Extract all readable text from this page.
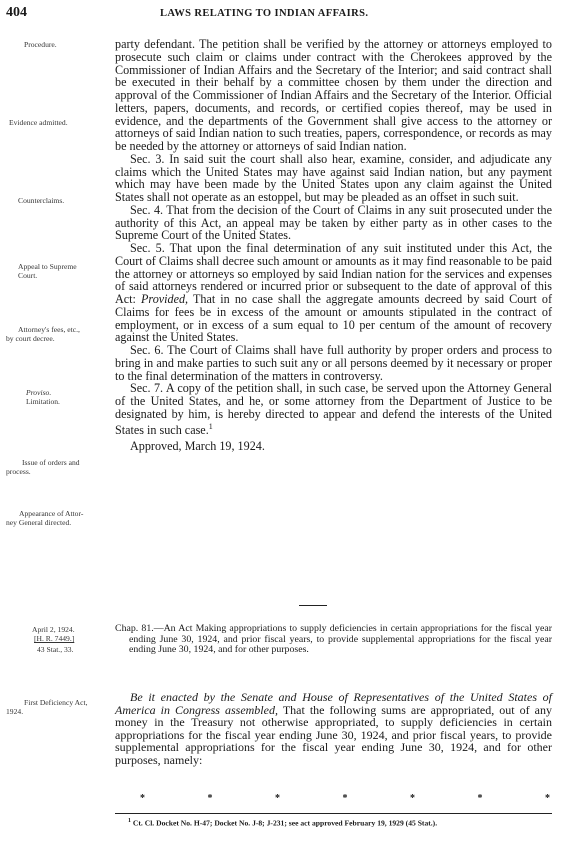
404	LAWS RELATING TO INDIAN AFFAIRS.
Procedure.
Evidence admitted.
Counterclaims.
Appeal to Supreme
Court.
Attorney's fees, etc.,
by court decree.
Proviso.
Limitation.
Issue of orders and
process.
Appearance of Attor-
ney General directed.
April 2, 1924.
[H. R. 7449.]
43 Stat., 33.
First Deficiency Act,
1924.

party defendant. The petition shall be verified by the attorney or attorneys employed to prosecute such claim or claims under contract with the Cherokees approved by the Commissioner of Indian Affairs and the Secretary of the Interior; and said contract shall be executed in their behalf by a committee chosen by them under the direction and approval of the Commissioner of Indian Affairs and the Secretary of the Interior. Official letters, papers, documents, and records, or certified copies thereof, may be used in evidence, and the departments of the Government shall give access to the attorney or attorneys of said Indian nation to such treaties, papers, correspondence, or records as may be needed by the attorney or attorneys of said Indian nation.

Sec. 3. In said suit the court shall also hear, examine, consider, and adjudicate any claims which the United States may have against said Indian nation, but any payment which may have been made by the United States upon any claim against the United States shall not operate as an estoppel, but may be pleaded as an offset in such suit.

Sec. 4. That from the decision of the Court of Claims in any suit prosecuted under the authority of this Act, an appeal may be taken by either party as in other cases to the Supreme Court of the United States.

Sec. 5. That upon the final determination of any suit instituted under this Act, the Court of Claims shall decree such amount or amounts as it may find reasonable to be paid the attorney or attorneys so employed by said Indian nation for the services and expenses of said attorneys rendered or incurred prior or subsequent to the date of approval of this Act: Provided, That in no case shall the aggregate amounts decreed by said Court of Claims for fees be in excess of the amount or amounts stipulated in the contract of employment, or in excess of a sum equal to 10 per centum of the amount of recovery against the United States.

Sec. 6. The Court of Claims shall have full authority by proper orders and process to bring in and make parties to such suit any or all persons deemed by it necessary or proper to the final determination of the matters in controversy.

Sec. 7. A copy of the petition shall, in such case, be served upon the Attorney General of the United States, and he, or some attorney from the Department of Justice to be designated by him, is hereby directed to appear and defend the interests of the United States in such case.$^1$

Approved, March 19, 1924.

Chap. 81.—An Act Making appropriations to supply deficiencies in certain appropriations for the fiscal year ending June 30, 1924, and prior fiscal years, to provide supplemental appropriations for the fiscal year ending June 30, 1924, and for other purposes.

Be it enacted by the Senate and House of Representatives of the United States of America in Congress assembled, That the following sums are appropriated, out of any money in the Treasury not otherwise appropriated, to supply deficiencies in certain appropriations for the fiscal year ending June 30, 1924, and prior fiscal years, to provide supplemental appropriations for the fiscal year ending June 30, 1924, and for other purposes, namely:

*	*	*	*	*	*	*
$^1$ Ct. Cl. Docket No. H-47; Docket No. J-8; J-231; see act approved February 19, 1929 (45 Stat.).
